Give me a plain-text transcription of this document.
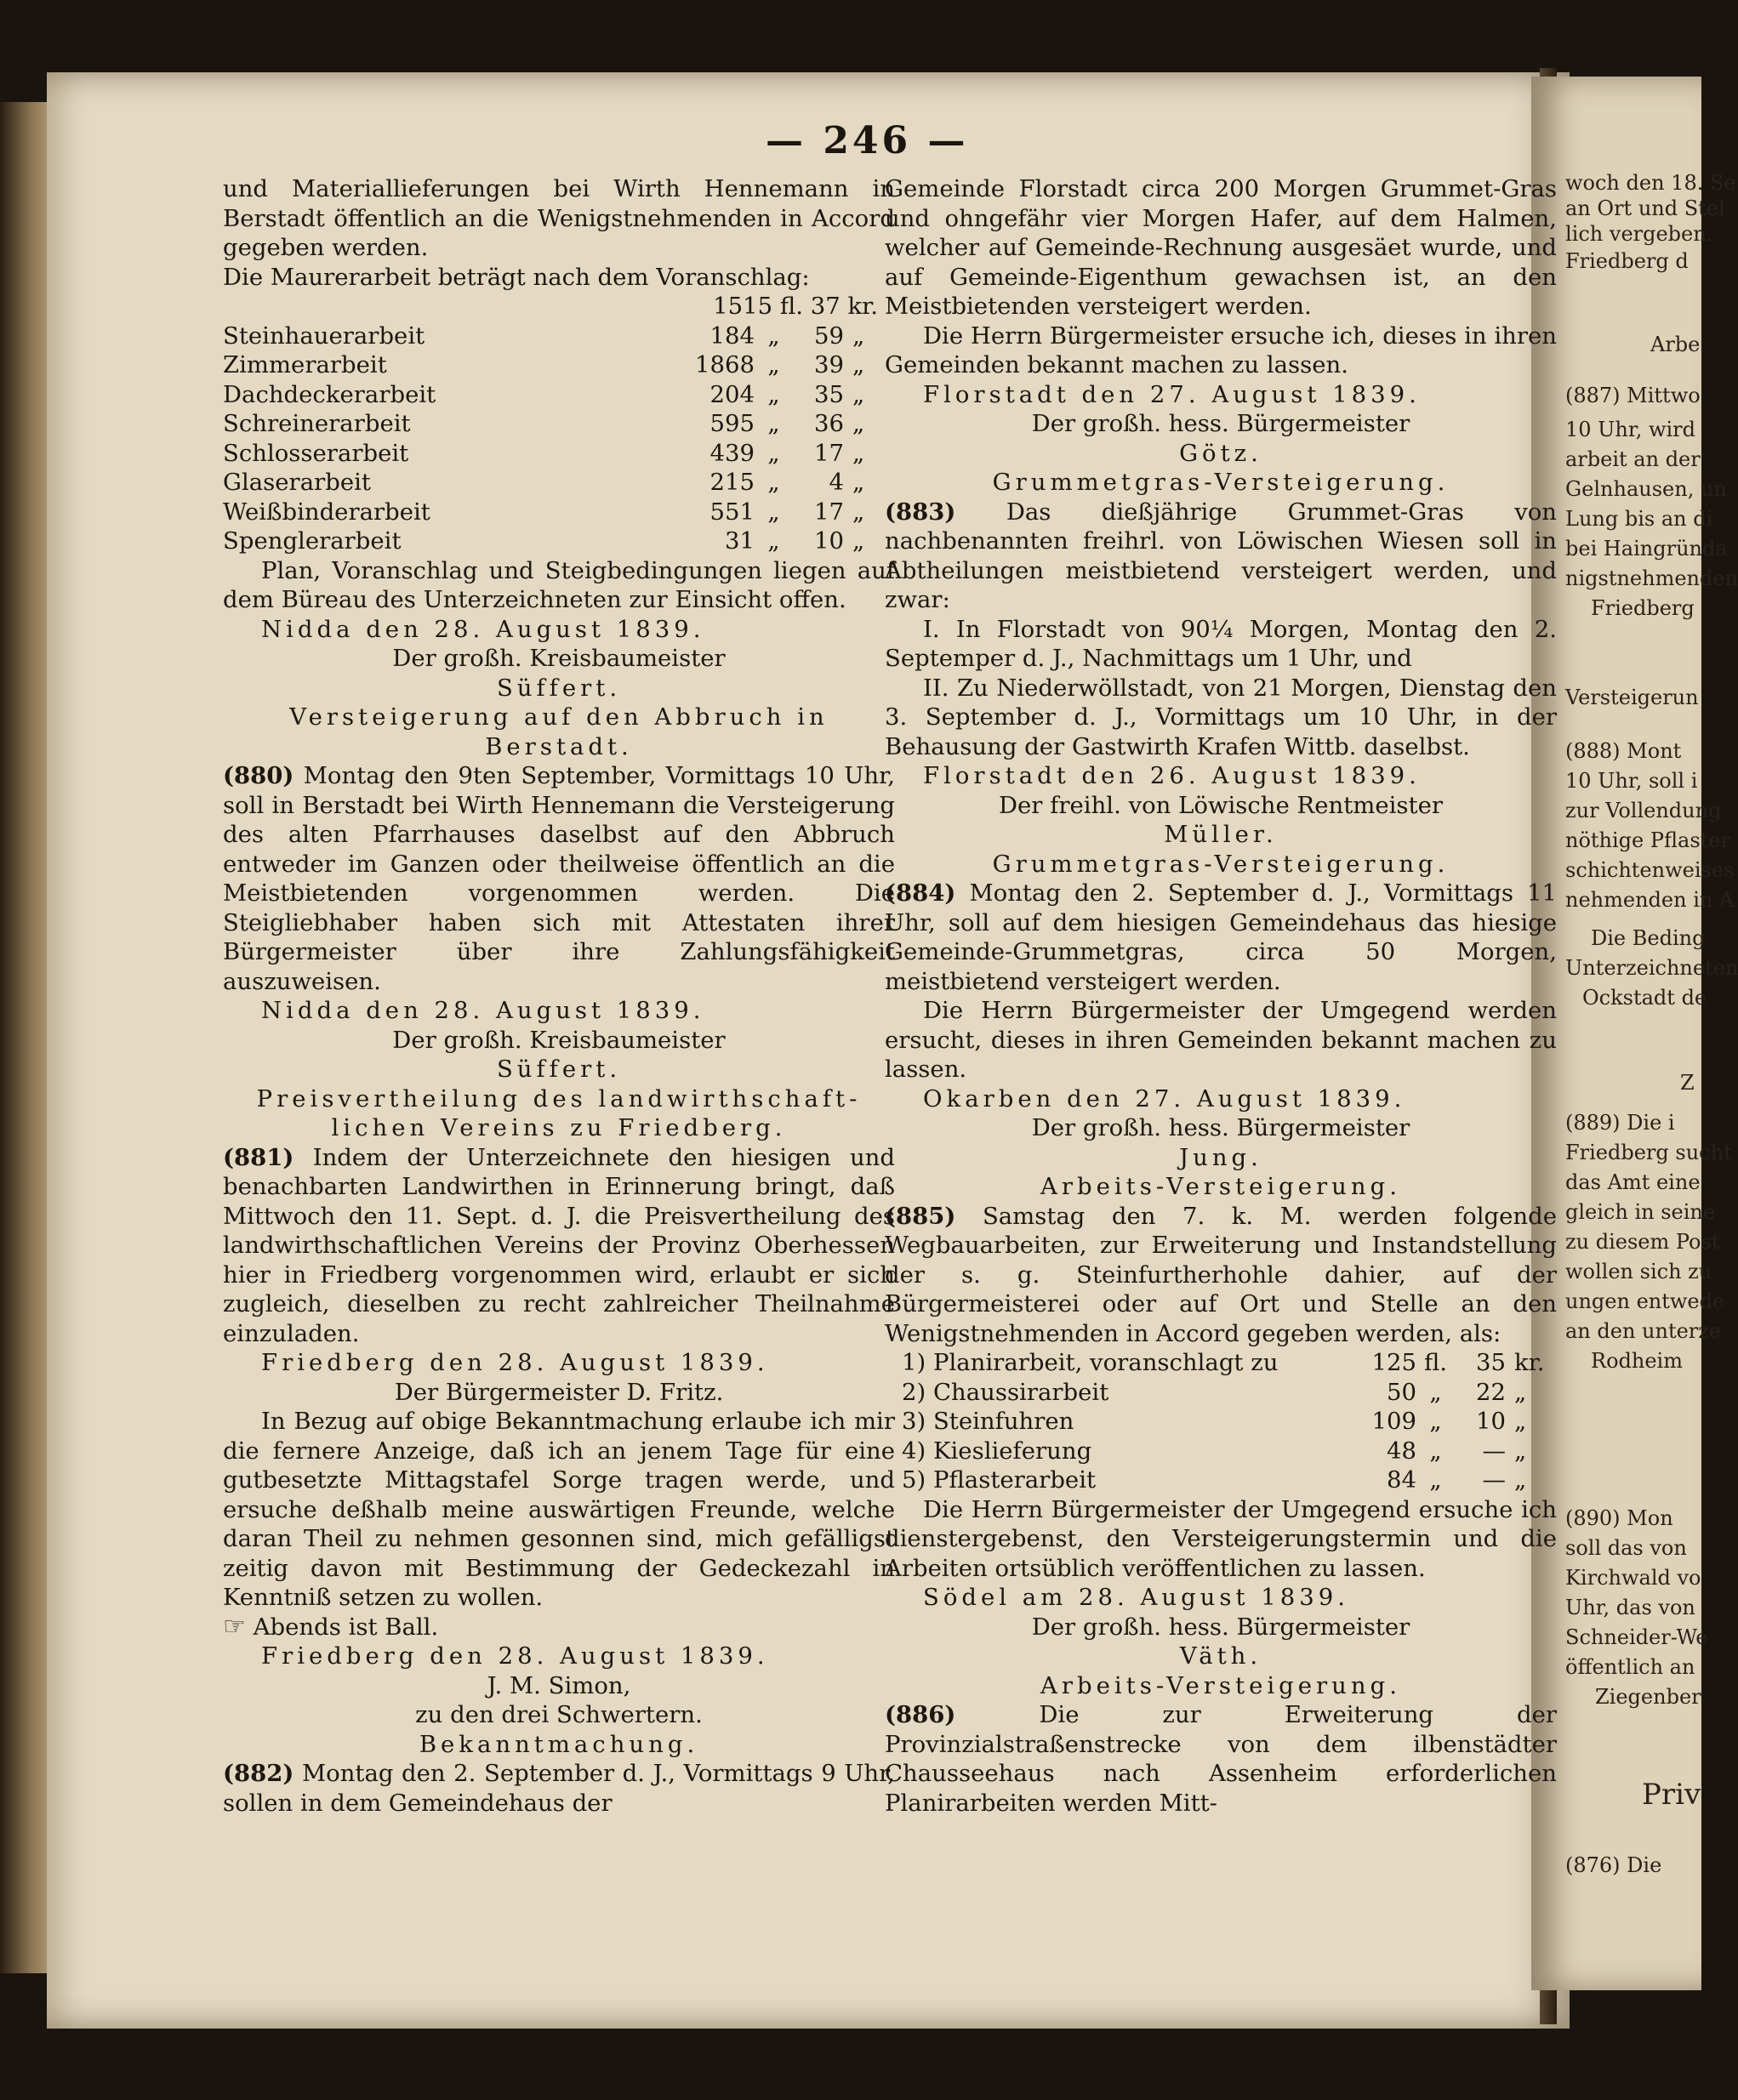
— 246 —

und Materiallieferungen bei Wirth Hennemann in Berstadt öffentlich an die Wenigstnehmenden in Accord gegeben werden.

Die Maurerarbeit beträgt nach dem Voranschlag:

1515 fl. 37 kr.

Steinhauerarbeit	184	„	59	„
Zimmerarbeit	1868	„	39	„
Dachdeckerarbeit	204	„	35	„
Schreinerarbeit	595	„	36	„
Schlosserarbeit	439	„	17	„
Glaserarbeit	215	„	4	„
Weißbinderarbeit	551	„	17	„
Spenglerarbeit	31	„	10	„

Plan, Voranschlag und Steigbedingungen liegen auf dem Büreau des Unterzeichneten zur Einsicht offen.

Nidda den 28. August 1839.

Der großh. Kreisbaumeister

Süffert.

Versteigerung auf den Abbruch in Berstadt.

(880) Montag den 9ten September, Vormittags 10 Uhr, soll in Berstadt bei Wirth Hennemann die Versteigerung des alten Pfarrhauses daselbst auf den Abbruch entweder im Ganzen oder theilweise öffentlich an die Meistbietenden vorgenommen werden. Die Steigliebhaber haben sich mit Attestaten ihrer Bürgermeister über ihre Zahlungsfähigkeit auszuweisen.

Nidda den 28. August 1839.

Der großh. Kreisbaumeister

Süffert.

Preisvertheilung des landwirthschaft-

lichen Vereins zu Friedberg.

(881) Indem der Unterzeichnete den hiesigen und benachbarten Landwirthen in Erinnerung bringt, daß Mittwoch den 11. Sept. d. J. die Preisvertheilung des landwirthschaftlichen Vereins der Provinz Oberhessen hier in Friedberg vorgenommen wird, erlaubt er sich zugleich, dieselben zu recht zahlreicher Theilnahme einzuladen.

Friedberg den 28. August 1839.

Der Bürgermeister D. Fritz.

In Bezug auf obige Bekanntmachung erlaube ich mir die fernere Anzeige, daß ich an jenem Tage für eine gutbesetzte Mittagstafel Sorge tragen werde, und ersuche deßhalb meine auswärtigen Freunde, welche daran Theil zu nehmen gesonnen sind, mich gefälligst zeitig davon mit Bestimmung der Gedeckezahl in Kenntniß setzen zu wollen.

☞ Abends ist Ball.

Friedberg den 28. August 1839.

J. M. Simon,

zu den drei Schwertern.

Bekanntmachung.

(882) Montag den 2. September d. J., Vormittags 9 Uhr, sollen in dem Gemeindehaus der

Gemeinde Florstadt circa 200 Morgen Grummet-Gras und ohngefähr vier Morgen Hafer, auf dem Halmen, welcher auf Gemeinde-Rechnung ausgesäet wurde, und auf Gemeinde-Eigenthum gewachsen ist, an den Meistbietenden versteigert werden.

Die Herrn Bürgermeister ersuche ich, dieses in ihren Gemeinden bekannt machen zu lassen.

Florstadt den 27. August 1839.

Der großh. hess. Bürgermeister

Götz.

Grummetgras-Versteigerung.

(883) Das dießjährige Grummet-Gras von nachbenannten freihrl. von Löwischen Wiesen soll in Abtheilungen meistbietend versteigert werden, und zwar:

I. In Florstadt von 90¼ Morgen, Montag den 2. Septemper d. J., Nachmittags um 1 Uhr, und

II. Zu Niederwöllstadt, von 21 Morgen, Dienstag den 3. September d. J., Vormittags um 10 Uhr, in der Behausung der Gastwirth Krafen Wittb. daselbst.

Florstadt den 26. August 1839.

Der freihl. von Löwische Rentmeister

Müller.

Grummetgras-Versteigerung.

(884) Montag den 2. September d. J., Vormittags 11 Uhr, soll auf dem hiesigen Gemeindehaus das hiesige Gemeinde-Grummetgras, circa 50 Morgen, meistbietend versteigert werden.

Die Herrn Bürgermeister der Umgegend werden ersucht, dieses in ihren Gemeinden bekannt machen zu lassen.

Okarben den 27. August 1839.

Der großh. hess. Bürgermeister

Jung.

Arbeits-Versteigerung.

(885) Samstag den 7. k. M. werden folgende Wegbauarbeiten, zur Erweiterung und Instandstellung der s. g. Steinfurtherhohle dahier, auf der Bürgermeisterei oder auf Ort und Stelle an den Wenigstnehmenden in Accord gegeben werden, als:

1) Planirarbeit, voranschlagt zu	125	fl.	35	kr.
2) Chaussirarbeit	50	„	22	„
3) Steinfuhren	109	„	10	„
4) Kieslieferung	48	„	—	„
5) Pflasterarbeit	84	„	—	„

Die Herrn Bürgermeister der Umgegend ersuche ich dienstergebenst, den Versteigerungstermin und die Arbeiten ortsüblich veröffentlichen zu lassen.

Södel am 28. August 1839.

Der großh. hess. Bürgermeister

Väth.

Arbeits-Versteigerung.

(886)	Die zur Erweiterung der Provinzialstraßenstrecke von dem ilbenstädter Chausseehaus nach Assenheim erforderlichen Planirarbeiten werden Mitt-

woch den 18. Se
an Ort und Stel
lich vergeben.
Friedberg d
Arbe
(887) Mittwo
10 Uhr, wird
arbeit an der
Gelnhausen, un
Lung bis an di
bei Haingründa
nigstnehmenden
Friedberg
Versteigerun
(888) Mont
10 Uhr, soll i
zur Vollendung
nöthige Pflaster
schichtenweises
nehmenden in A
Die Beding
Unterzeichneten
Ockstadt de
Z
(889) Die i
Friedberg sucht
das Amt eine
gleich in seine
zu diesem Post
wollen sich zu
ungen entwede
an den unterze
Rodheim
(890) Mon
soll das von
Kirchwald vo
Uhr, das von
Schneider-We
öffentlich an
Ziegenber
Priv
(876) Die
